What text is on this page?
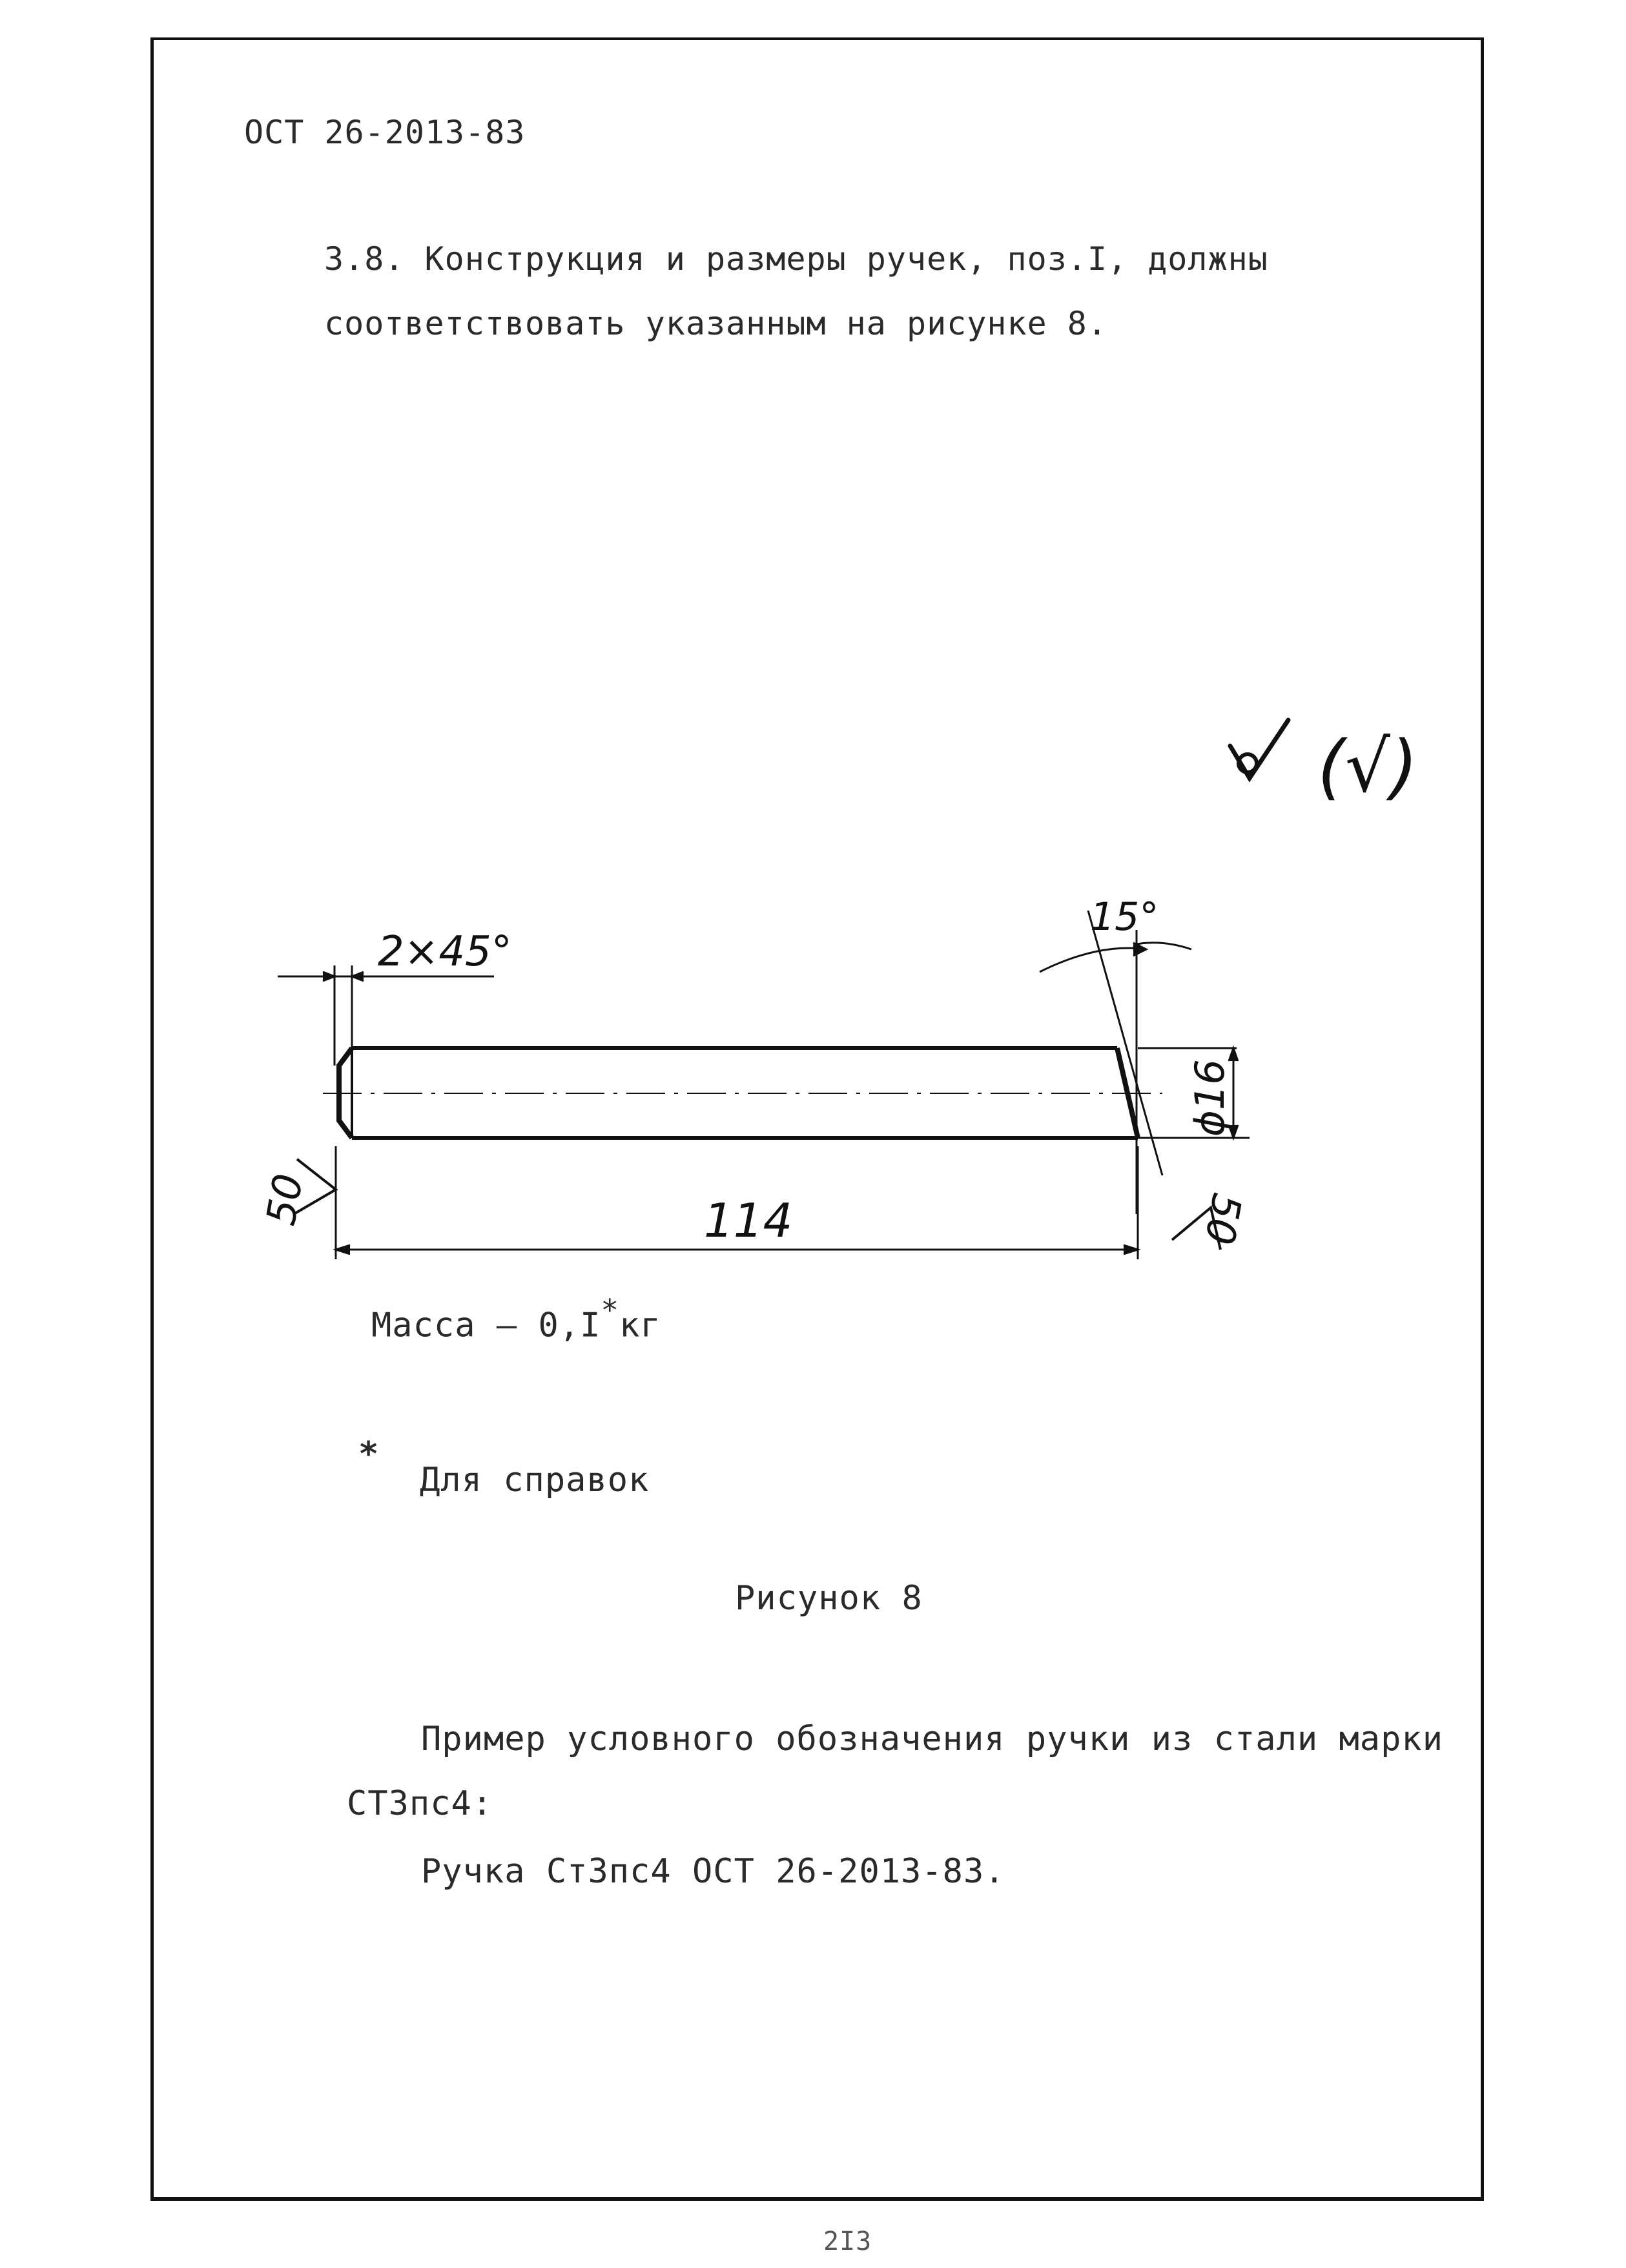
ОСТ 26-2013-83
3.8. Конструкция и размеры ручек, поз.I, должны
соответствовать указанным на рисунке 8.
(√)
2×45°
15°
ϕ16
114
50	50
Масса – 0,I*кг
*
Для справок
Рисунок 8
Пример условного обозначения ручки из стали марки
СТ3пс4:
Ручка Ст3пс4 ОСТ 26-2013-83.
2I3
